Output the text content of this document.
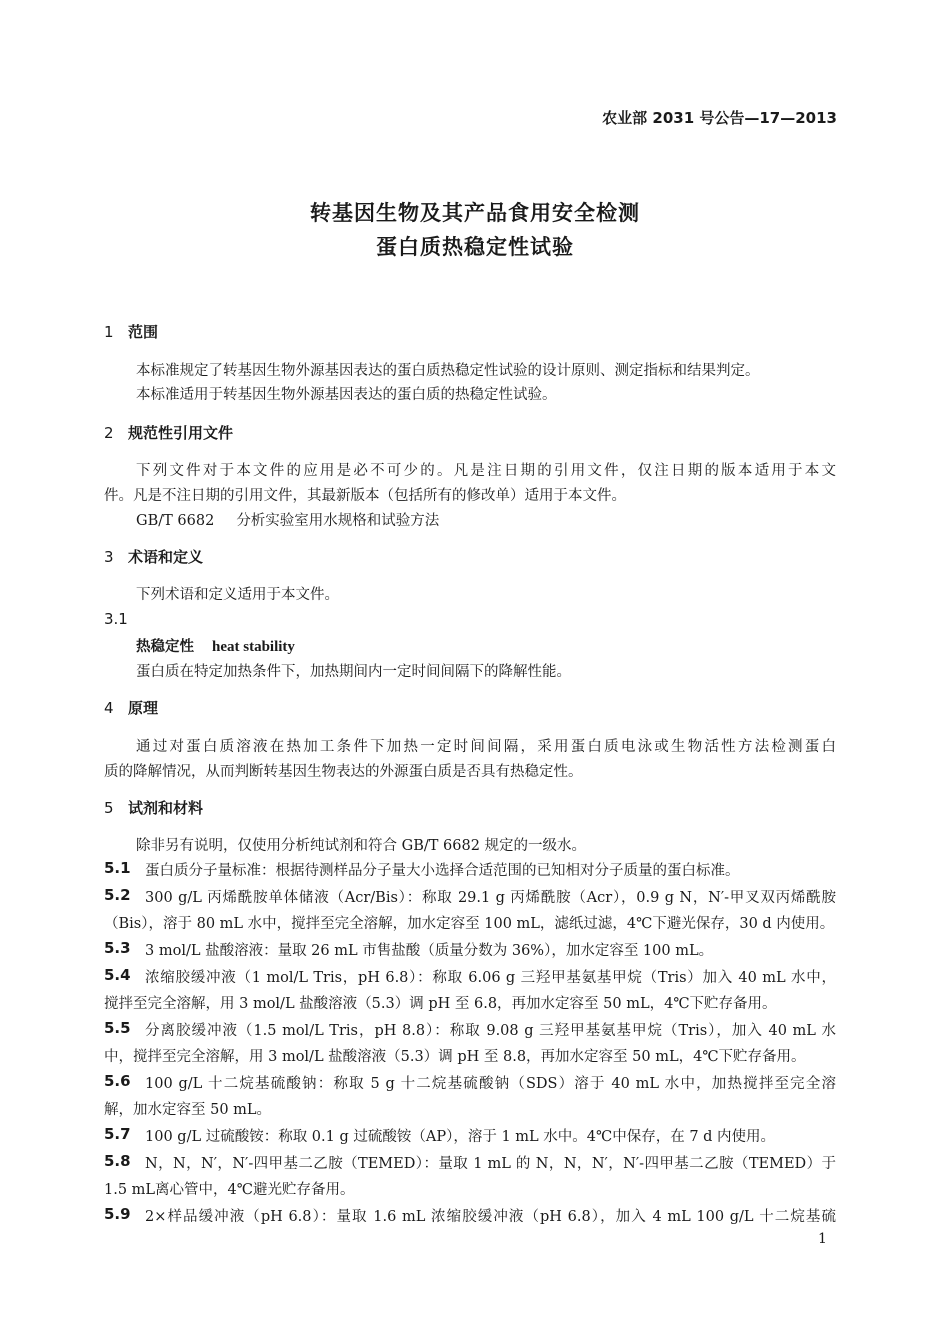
农业部 2031 号公告—17—2013
转基因生物及其产品食用安全检测
蛋白质热稳定性试验
1 范围
本标准规定了转基因生物外源基因表达的蛋白质热稳定性试验的设计原则、测定指标和结果判定。
本标准适用于转基因生物外源基因表达的蛋白质的热稳定性试验。
2 规范性引用文件
下列文件对于本文件的应用是必不可少的。凡是注日期的引用文件，仅注日期的版本适用于本文
件。凡是不注日期的引用文件，其最新版本（包括所有的修改单）适用于本文件。
GB/T 6682 分析实验室用水规格和试验方法
3 术语和定义
下列术语和定义适用于本文件。
3.1
热稳定性 heat stability
蛋白质在特定加热条件下，加热期间内一定时间间隔下的降解性能。
4 原理
通过对蛋白质溶液在热加工条件下加热一定时间间隔，采用蛋白质电泳或生物活性方法检测蛋白
质的降解情况，从而判断转基因生物表达的外源蛋白质是否具有热稳定性。
5 试剂和材料
除非另有说明，仅使用分析纯试剂和符合 GB/T 6682 规定的一级水。
5.1 蛋白质分子量标准：根据待测样品分子量大小选择合适范围的已知相对分子质量的蛋白标准。
5.2 300 g/L 丙烯酰胺单体储液（Acr/Bis）：称取 29.1 g 丙烯酰胺（Acr），0.9 g N，N′-甲叉双丙烯酰胺
（Bis），溶于 80 mL 水中，搅拌至完全溶解，加水定容至 100 mL，滤纸过滤，4℃下避光保存，30 d 内使用。
5.3 3 mol/L 盐酸溶液：量取 26 mL 市售盐酸（质量分数为 36%），加水定容至 100 mL。
5.4 浓缩胶缓冲液（1 mol/L Tris，pH 6.8）：称取 6.06 g 三羟甲基氨基甲烷（Tris）加入 40 mL 水中，
搅拌至完全溶解，用 3 mol/L 盐酸溶液（5.3）调 pH 至 6.8，再加水定容至 50 mL，4℃下贮存备用。
5.5 分离胶缓冲液（1.5 mol/L Tris，pH 8.8）：称取 9.08 g 三羟甲基氨基甲烷（Tris），加入 40 mL 水
中，搅拌至完全溶解，用 3 mol/L 盐酸溶液（5.3）调 pH 至 8.8，再加水定容至 50 mL，4℃下贮存备用。
5.6 100 g/L 十二烷基硫酸钠：称取 5 g 十二烷基硫酸钠（SDS）溶于 40 mL 水中，加热搅拌至完全溶
解，加水定容至 50 mL。
5.7 100 g/L 过硫酸铵：称取 0.1 g 过硫酸铵（AP），溶于 1 mL 水中。4℃中保存，在 7 d 内使用。
5.8 N，N，N′，N′-四甲基二乙胺（TEMED）：量取 1 mL 的 N，N，N′，N′-四甲基二乙胺（TEMED）于
1.5 mL离心管中，4℃避光贮存备用。
5.9 2×样品缓冲液（pH 6.8）：量取 1.6 mL 浓缩胶缓冲液（pH 6.8），加入 4 mL 100 g/L 十二烷基硫
1
